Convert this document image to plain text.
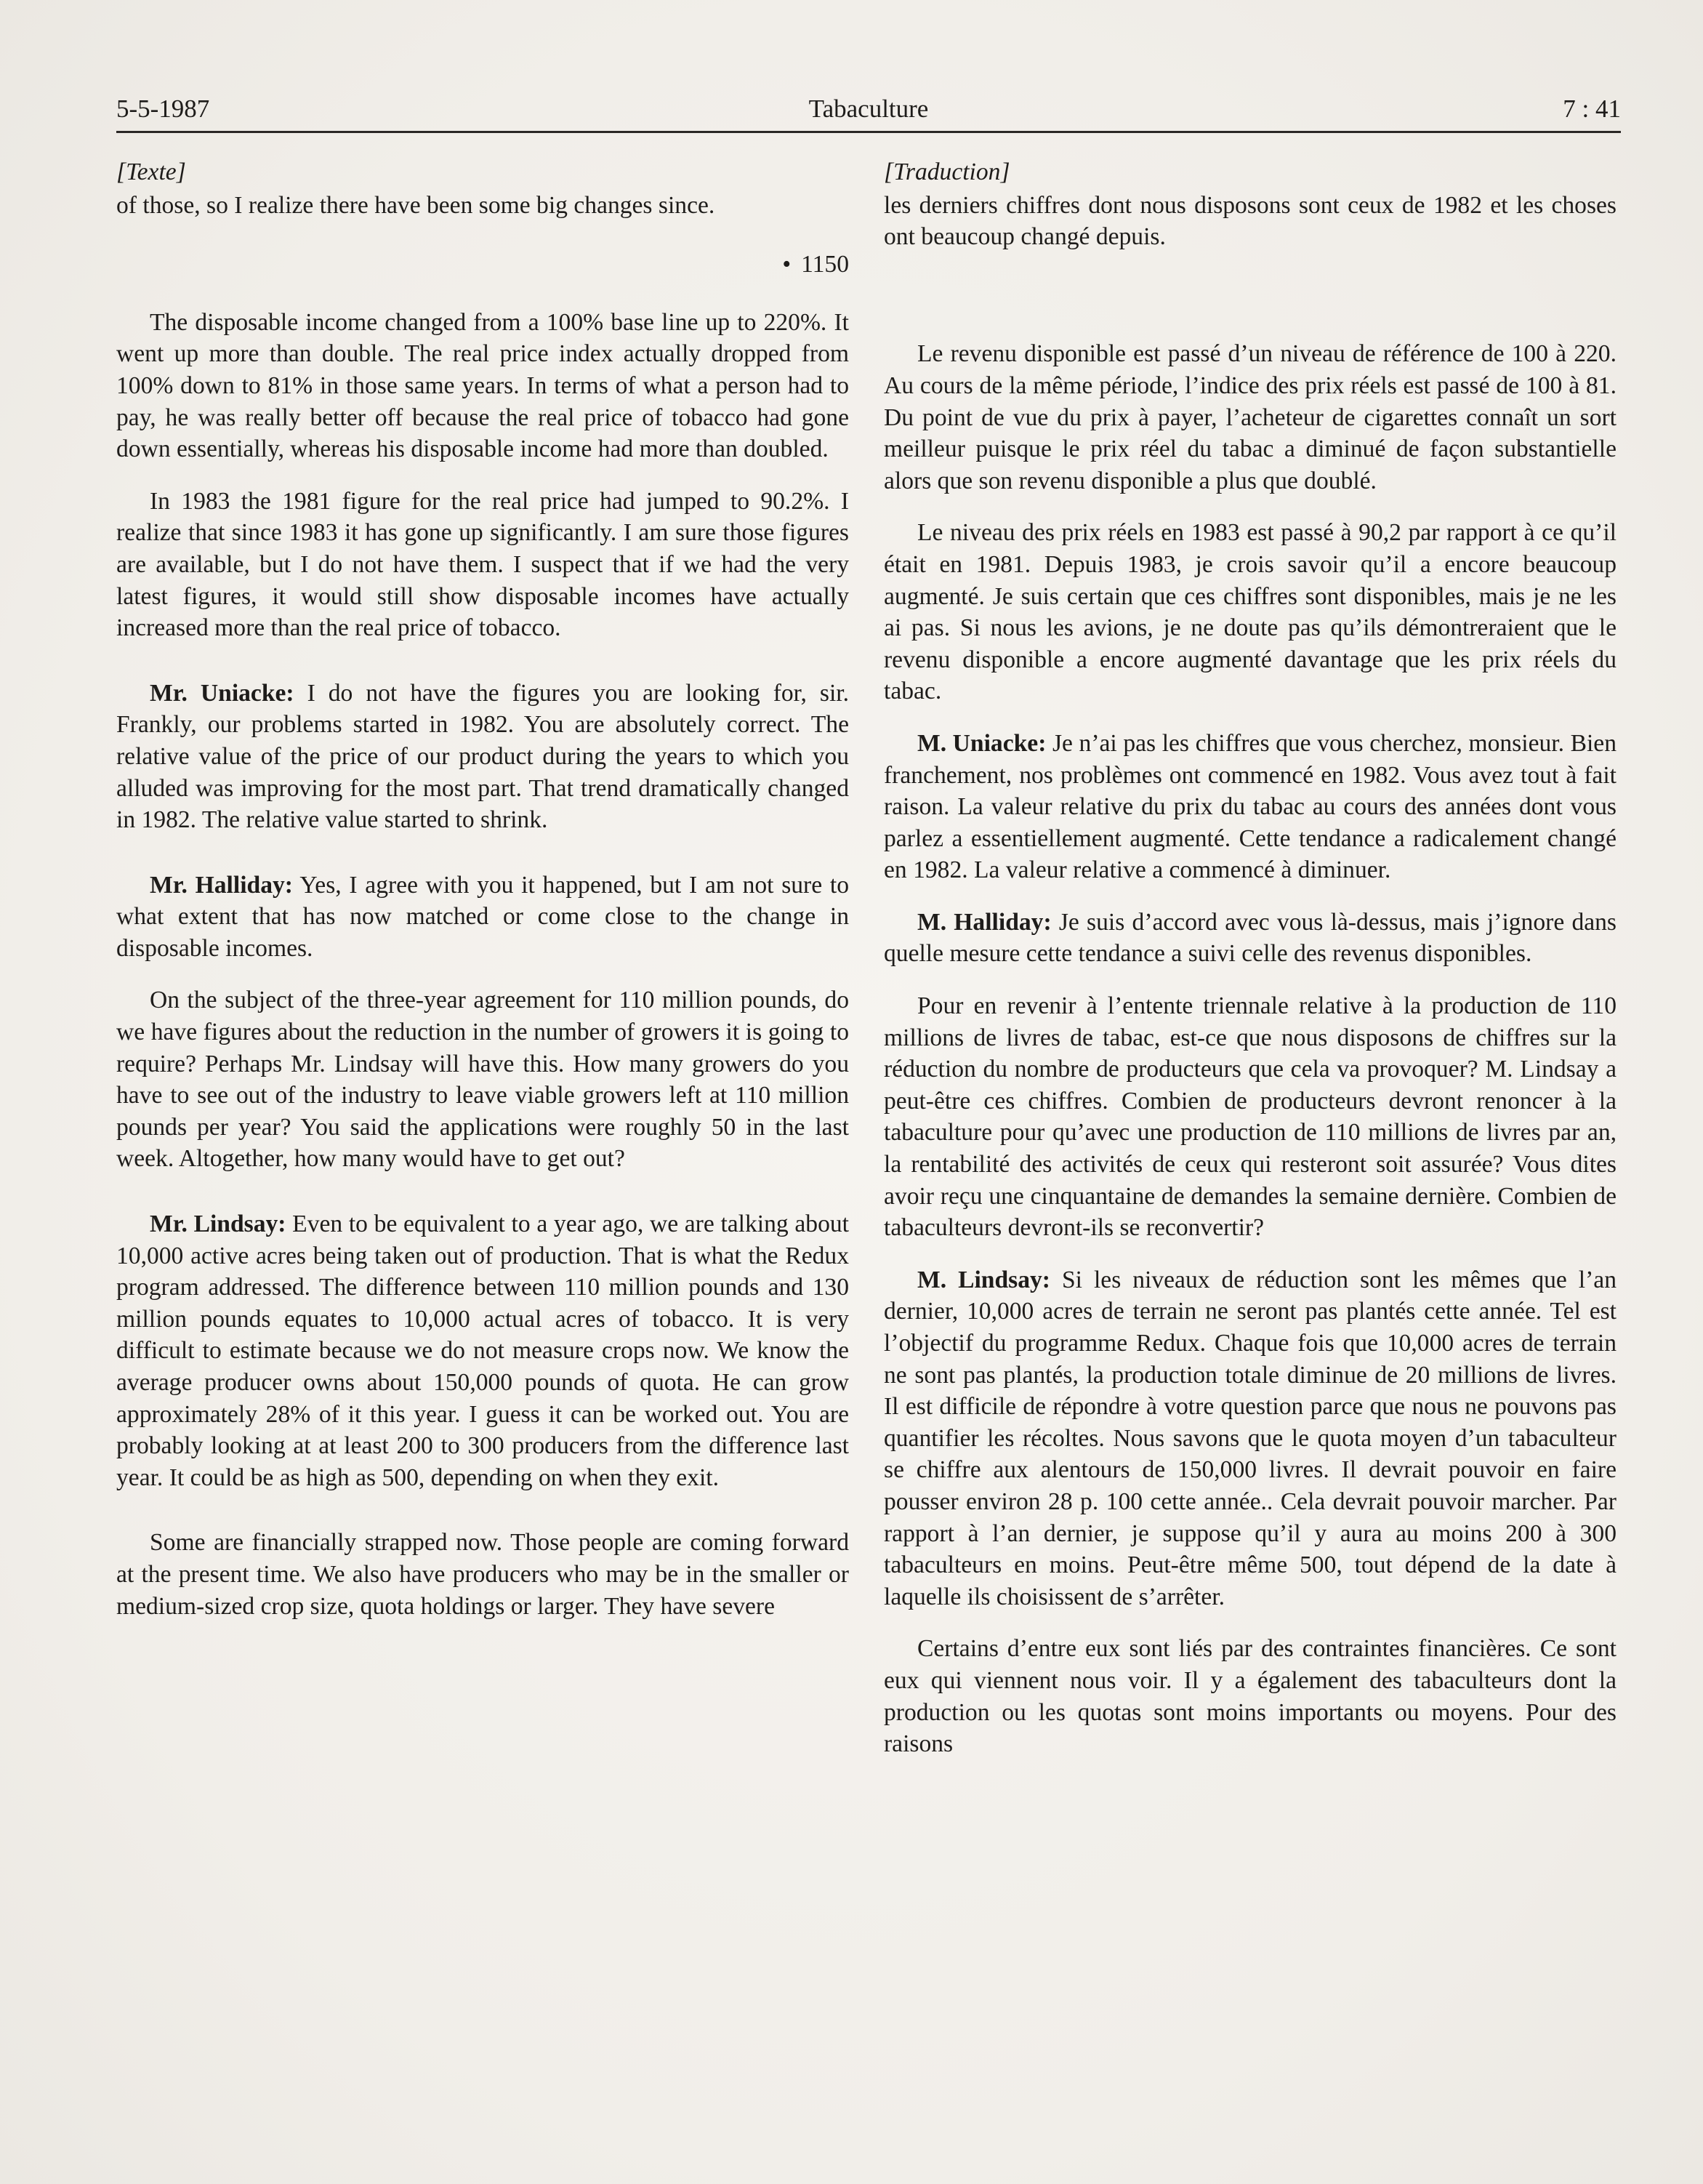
5-5-1987	Tabaculture	7 : 41
[Texte]

of those, so I realize there have been some big changes since.

• 1150

The disposable income changed from a 100% base line up to 220%. It went up more than double. The real price index actually dropped from 100% down to 81% in those same years. In terms of what a person had to pay, he was really better off because the real price of tobacco had gone down essentially, whereas his disposable income had more than doubled.

In 1983 the 1981 figure for the real price had jumped to 90.2%. I realize that since 1983 it has gone up significantly. I am sure those figures are available, but I do not have them. I suspect that if we had the very latest figures, it would still show disposable incomes have actually increased more than the real price of tobacco.

Mr. Uniacke: I do not have the figures you are looking for, sir. Frankly, our problems started in 1982. You are absolutely correct. The relative value of the price of our product during the years to which you alluded was improving for the most part. That trend dramatically changed in 1982. The relative value started to shrink.

Mr. Halliday: Yes, I agree with you it happened, but I am not sure to what extent that has now matched or come close to the change in disposable incomes.

On the subject of the three-year agreement for 110 million pounds, do we have figures about the reduction in the number of growers it is going to require? Perhaps Mr. Lindsay will have this. How many growers do you have to see out of the industry to leave viable growers left at 110 million pounds per year? You said the applications were roughly 50 in the last week. Altogether, how many would have to get out?

Mr. Lindsay: Even to be equivalent to a year ago, we are talking about 10,000 active acres being taken out of production. That is what the Redux program addressed. The difference between 110 million pounds and 130 million pounds equates to 10,000 actual acres of tobacco. It is very difficult to estimate because we do not measure crops now. We know the average producer owns about 150,000 pounds of quota. He can grow approximately 28% of it this year. I guess it can be worked out. You are probably looking at at least 200 to 300 producers from the difference last year. It could be as high as 500, depending on when they exit.

Some are financially strapped now. Those people are coming forward at the present time. We also have producers who may be in the smaller or medium-sized crop size, quota holdings or larger. They have severe

[Traduction]

les derniers chiffres dont nous disposons sont ceux de 1982 et les choses ont beaucoup changé depuis.

Le revenu disponible est passé d’un niveau de référence de 100 à 220. Au cours de la même période, l’indice des prix réels est passé de 100 à 81. Du point de vue du prix à payer, l’acheteur de cigarettes connaît un sort meilleur puisque le prix réel du tabac a diminué de façon substantielle alors que son revenu disponible a plus que doublé.

Le niveau des prix réels en 1983 est passé à 90,2 par rapport à ce qu’il était en 1981. Depuis 1983, je crois savoir qu’il a encore beaucoup augmenté. Je suis certain que ces chiffres sont disponibles, mais je ne les ai pas. Si nous les avions, je ne doute pas qu’ils démontreraient que le revenu disponible a encore augmenté davantage que les prix réels du tabac.

M. Uniacke: Je n’ai pas les chiffres que vous cherchez, monsieur. Bien franchement, nos problèmes ont commencé en 1982. Vous avez tout à fait raison. La valeur relative du prix du tabac au cours des années dont vous parlez a essentiellement augmenté. Cette tendance a radicalement changé en 1982. La valeur relative a commencé à diminuer.

M. Halliday: Je suis d’accord avec vous là-dessus, mais j’ignore dans quelle mesure cette tendance a suivi celle des revenus disponibles.

Pour en revenir à l’entente triennale relative à la production de 110 millions de livres de tabac, est-ce que nous disposons de chiffres sur la réduction du nombre de producteurs que cela va provoquer? M. Lindsay a peut-être ces chiffres. Combien de producteurs devront renoncer à la tabaculture pour qu’avec une production de 110 millions de livres par an, la rentabilité des activités de ceux qui resteront soit assurée? Vous dites avoir reçu une cinquantaine de demandes la semaine dernière. Combien de tabaculteurs devront-ils se reconvertir?

M. Lindsay: Si les niveaux de réduction sont les mêmes que l’an dernier, 10,000 acres de terrain ne seront pas plantés cette année. Tel est l’objectif du programme Redux. Chaque fois que 10,000 acres de terrain ne sont pas plantés, la production totale diminue de 20 millions de livres. Il est difficile de répondre à votre question parce que nous ne pouvons pas quantifier les récoltes. Nous savons que le quota moyen d’un tabaculteur se chiffre aux alentours de 150,000 livres. Il devrait pouvoir en faire pousser environ 28 p. 100 cette année.. Cela devrait pouvoir marcher. Par rapport à l’an dernier, je suppose qu’il y aura au moins 200 à 300 tabaculteurs en moins. Peut-être même 500, tout dépend de la date à laquelle ils choisissent de s’arrêter.

Certains d’entre eux sont liés par des contraintes financières. Ce sont eux qui viennent nous voir. Il y a également des tabaculteurs dont la production ou les quotas sont moins importants ou moyens. Pour des raisons
